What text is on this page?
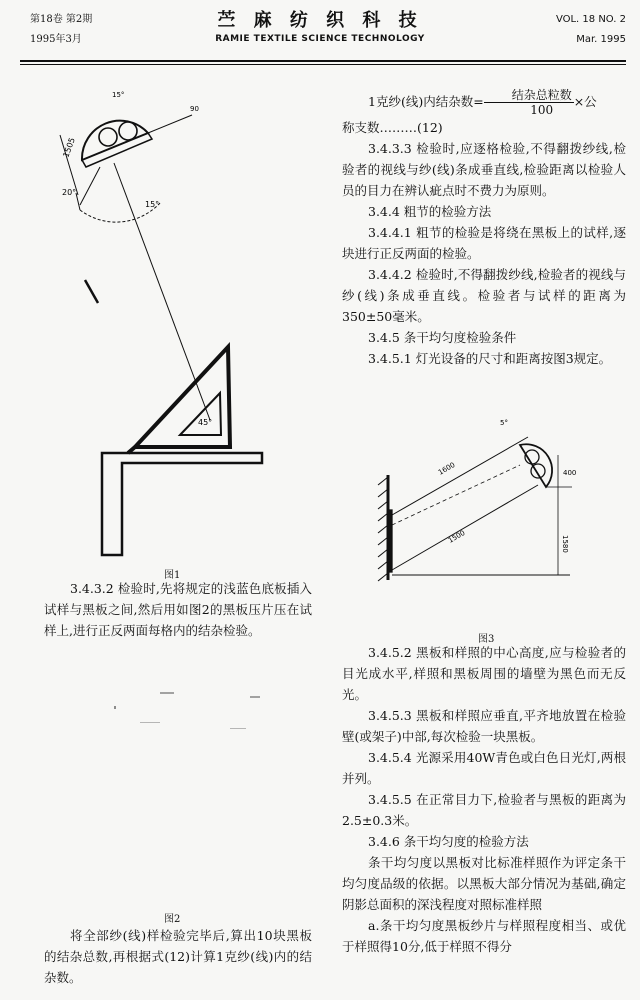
第18卷 第2期
1995年3月
苎 麻 纺 织 科 技
RAMIE TEXTILE SCIENCE TECHNOLOGY
VOL. 18 NO. 2
Mar. 1995
1505
20°
15°
90
15°
45°
图1

3.4.3.2 检验时,先将规定的浅蓝色底板插入试样与黑板之间,然后用如图2的黑板压片压在试样上,进行正反两面每格内的结杂检验。

图2

将全部纱(线)样检验完毕后,算出10块黑板的结杂总数,再根据式(12)计算1克纱(线)内的结杂数。

1克纱(线)内结杂数= $\frac{\text{结杂总粒数}}{100}$ ×公

称支数………(12)

3.4.3.3 检验时,应逐格检验,不得翻拨纱线,检验者的视线与纱(线)条成垂直线,检验距离以检验人员的目力在辨认疵点时不费力为原则。

3.4.4 粗节的检验方法

3.4.4.1 粗节的检验是将绕在黑板上的试样,逐块进行正反两面的检验。

3.4.4.2 检验时,不得翻拨纱线,检验者的视线与纱(线)条成垂直线。检验者与试样的距离为350±50毫米。

3.4.5 条干均匀度检验条件

3.4.5.1 灯光设备的尺寸和距离按图3规定。

1600
1500
5°
400
1580
图3

3.4.5.2 黑板和样照的中心高度,应与检验者的目光成水平,样照和黑板周围的墙壁为黑色而无反光。

3.4.5.3 黑板和样照应垂直,平齐地放置在检验壁(或架子)中部,每次检验一块黑板。

3.4.5.4 光源采用40W青色或白色日光灯,两根并列。

3.4.5.5 在正常目力下,检验者与黑板的距离为2.5±0.3米。

3.4.6 条干均匀度的检验方法

条干均匀度以黑板对比标准样照作为评定条干均匀度品级的依据。以黑板大部分情况为基础,确定阴影总面积的深浅程度对照标准样照

a.条干均匀度黑板纱片与样照程度相当、或优于样照得10分,低于样照不得分
